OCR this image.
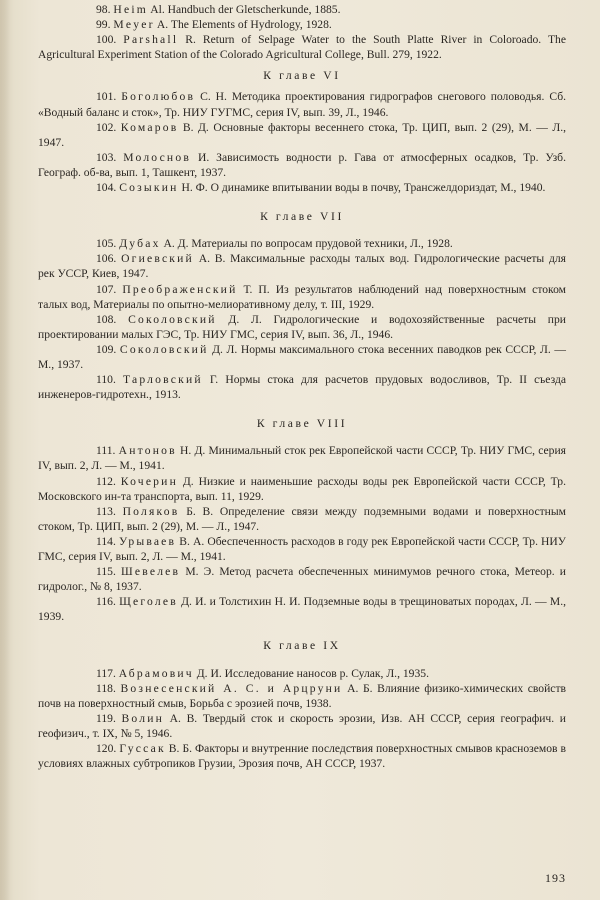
98. Heim Al. Handbuch der Gletscherkunde, 1885.

99. Meyer A. The Elements of Hydrology, 1928.

100. Parshall R. Return of Selpage Water to the South Platte River in Coloroado. The Agricultural Experiment Station of the Colorado Agricultural College, Bull. 279, 1922.

К главе VI

101. Боголюбов С. Н. Методика проектирования гидрографов снегового половодья. Сб. «Водный баланс и сток», Тр. НИУ ГУГМС, серия IV, вып. 39, Л., 1946.

102. Комаров В. Д. Основные факторы весеннего стока, Тр. ЦИП, вып. 2 (29), М. — Л., 1947.

103. Молоснов И. Зависимость водности р. Гава от атмосферных осадков, Тр. Узб. Географ. об-ва, вып. 1, Ташкент, 1937.

104. Созыкин Н. Ф. О динамике впитывании воды в почву, Трансжелдориздат, М., 1940.

К главе VII

105. Дубах А. Д. Материалы по вопросам прудовой техники, Л., 1928.

106. Огиевский А. В. Максимальные расходы талых вод. Гидрологические расчеты для рек УССР, Киев, 1947.

107. Преображенский Т. П. Из результатов наблюдений над поверхностным стоком талых вод, Материалы по опытно-мелиоративному делу, т. III, 1929.

108. Соколовский Д. Л. Гидрологические и водохозяйственные расчеты при проектировании малых ГЭС, Тр. НИУ ГМС, серия IV, вып. 36, Л., 1946.

109. Соколовский Д. Л. Нормы максимального стока весенних паводков рек СССР, Л. — М., 1937.

110. Тарловский Г. Нормы стока для расчетов прудовых водосливов, Тр. II съезда инженеров-гидротехн., 1913.

К главе VIII

111. Антонов Н. Д. Минимальный сток рек Европейской части СССР, Тр. НИУ ГМС, серия IV, вып. 2, Л. — М., 1941.

112. Кочерин Д. Низкие и наименьшие расходы воды рек Европейской части СССР, Тр. Московского ин-та транспорта, вып. 11, 1929.

113. Поляков Б. В. Определение связи между подземными водами и поверхностным стоком, Тр. ЦИП, вып. 2 (29), М. — Л., 1947.

114. Урываев В. А. Обеспеченность расходов в году рек Европейской части СССР, Тр. НИУ ГМС, серия IV, вып. 2, Л. — М., 1941.

115. Шевелев М. Э. Метод расчета обеспеченных минимумов речного стока, Метеор. и гидролог., № 8, 1937.

116. Щеголев Д. И. и Толстихин Н. И. Подземные воды в трещиноватых породах, Л. — М., 1939.

К главе IX

117. Абрамович Д. И. Исследование наносов р. Сулак, Л., 1935.

118. Вознесенский А. С. и Арцруни А. Б. Влияние физико-химических свойств почв на поверхностный смыв, Борьба с эрозией почв, 1938.

119. Волин А. В. Твердый сток и скорость эрозии, Изв. АН СССР, серия географич. и геофизич., т. IX, № 5, 1946.

120. Гуссак В. Б. Факторы и внутренние последствия поверхностных смывов красноземов в условиях влажных субтропиков Грузии, Эрозия почв, АН СССР, 1937.

193
